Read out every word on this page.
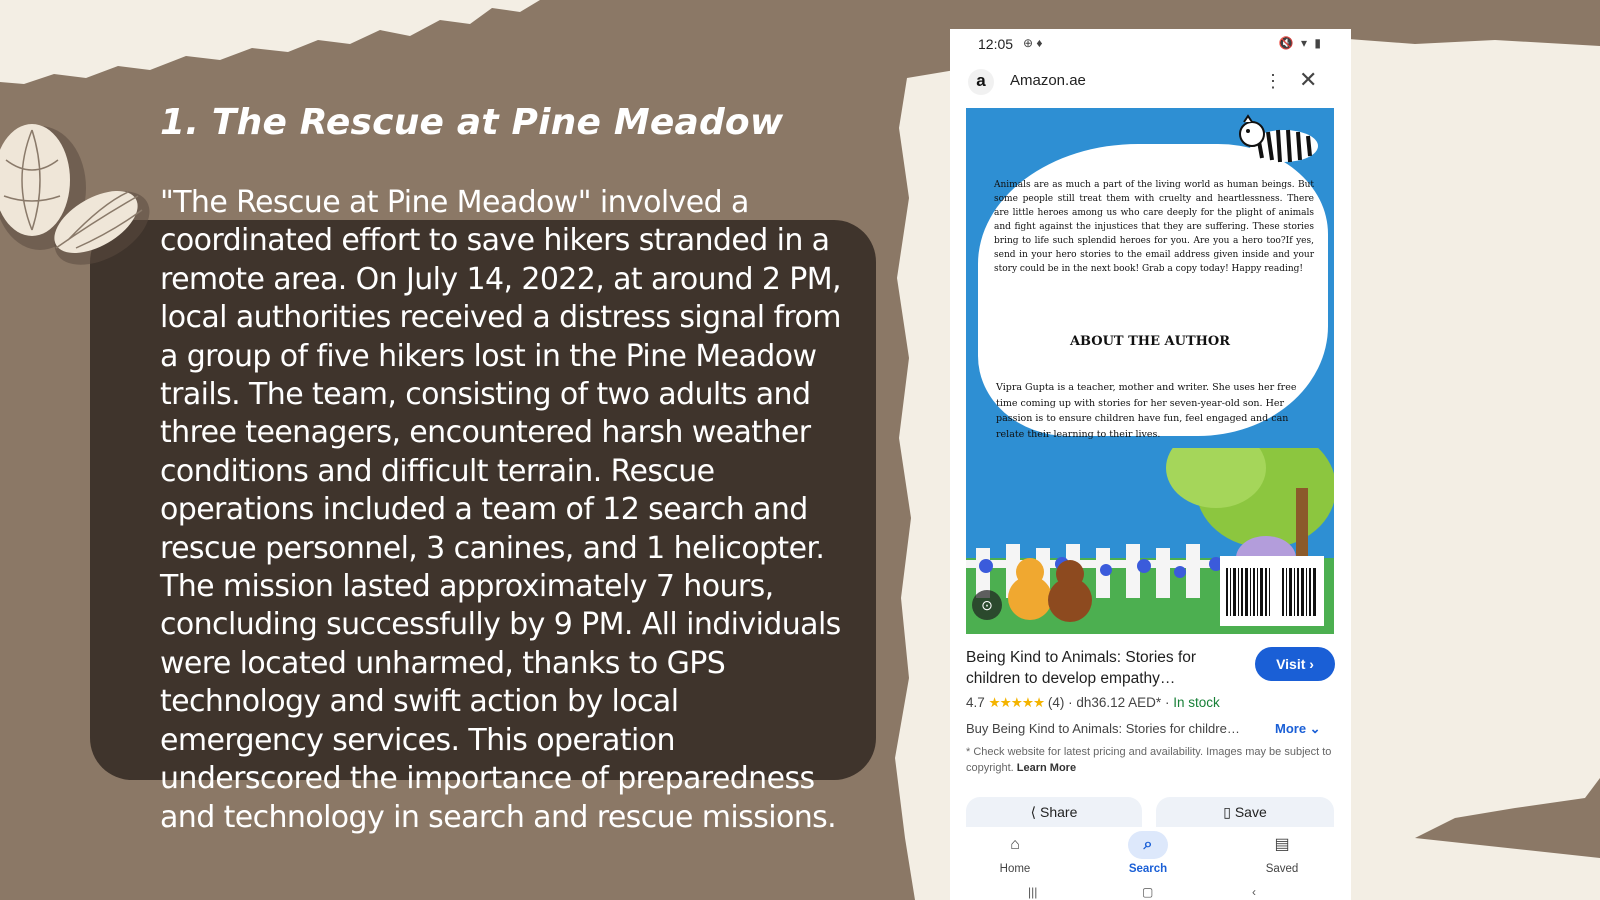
1. The Rescue at Pine Meadow
"The Rescue at Pine Meadow" involved a coordinated effort to save hikers stranded in a remote area. On July 14, 2022, at around 2 PM, local authorities received a distress signal from a group of five hikers lost in the Pine Meadow trails. The team, consisting of two adults and three teenagers, encountered harsh weather conditions and difficult terrain. Rescue operations included a team of 12 search and rescue personnel, 3 canines, and 1 helicopter. The mission lasted approximately 7 hours, concluding successfully by 9 PM. All individuals were located unharmed, thanks to GPS technology and swift action by local emergency services. This operation underscored the importance of preparedness and technology in search and rescue missions.
12:05 ⊕ ♦	🔇 ▾ ▮
a	Amazon.ae	⋮ ✕
Animals are as much a part of the living world as human beings. But some people still treat them with cruelty and heartlessness. There are little heroes among us who care deeply for the plight of animals and fight against the injustices that they are suffering. These stories bring to life such splendid heroes for you. Are you a hero too?If yes, send in your hero stories to the email address given inside and your story could be in the next book! Grab a copy today! Happy reading!
ABOUT THE AUTHOR
Vipra Gupta is a teacher, mother and writer. She uses her free time coming up with stories for her seven-year-old son. Her passion is to ensure children have fun, feel engaged and can relate their learning to their lives.
⊙
Being Kind to Animals: Stories for children to develop empathy…
Visit ›
4.7 ★★★★★ (4) · dh36.12 AED* · In stock
Buy Being Kind to Animals: Stories for childre…	More ⌄
* Check website for latest pricing and availability. Images may be subject to copyright. Learn More
⟨ Share	▯ Save
⌂
Home
⌕
Search
▤
Saved
|||	▢	‹
